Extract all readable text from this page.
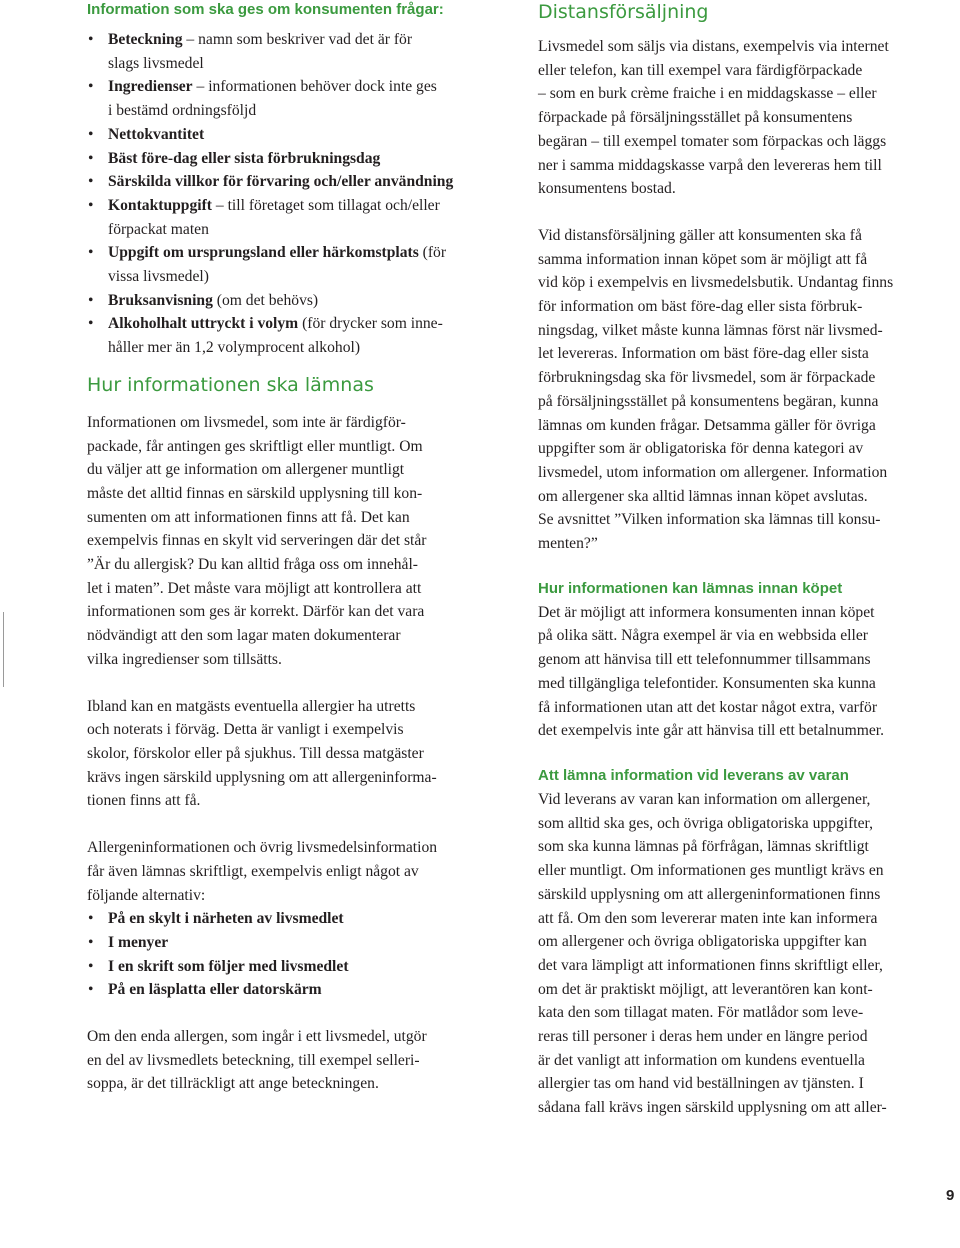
Information som ska ges om konsumenten frågar:
• Beteckning – namn som beskriver vad det är för
slags livsmedel
• Ingredienser – informationen behöver dock inte ges
i bestämd ordningsföljd
• Nettokvantitet
• Bäst före-dag eller sista förbrukningsdag
• Särskilda villkor för förvaring och/eller användning
• Kontaktuppgift – till företaget som tillagat och/eller
förpackat maten
• Uppgift om ursprungsland eller härkomstplats (för
vissa livsmedel)
• Bruksanvisning (om det behövs)
• Alkoholhalt uttryckt i volym (för drycker som inne-
håller mer än 1,2 volymprocent alkohol)
Hur informationen ska lämnas
Informationen om livsmedel, som inte är färdigför-
packade, får antingen ges skriftligt eller muntligt. Om
du väljer att ge information om allergener muntligt
måste det alltid finnas en särskild upplysning till kon-
sumenten om att informationen finns att få. Det kan
exempelvis finnas en skylt vid serveringen där det står
”Är du allergisk? Du kan alltid fråga oss om innehål-
let i maten”. Det måste vara möjligt att kontrollera att
informationen som ges är korrekt. Därför kan det vara
nödvändigt att den som lagar maten dokumenterar
vilka ingredienser som tillsätts.
Ibland kan en matgästs eventuella allergier ha utretts
och noterats i förväg. Detta är vanligt i exempelvis
skolor, förskolor eller på sjukhus. Till dessa matgäster
krävs ingen särskild upplysning om att allergeninforma-
tionen finns att få.
Allergeninformationen och övrig livsmedelsinformation
får även lämnas skriftligt, exempelvis enligt något av
följande alternativ:
• På en skylt i närheten av livsmedlet
• I menyer
• I en skrift som följer med livsmedlet
• På en läsplatta eller datorskärm
Om den enda allergen, som ingår i ett livsmedel, utgör
en del av livsmedlets beteckning, till exempel selleri-
soppa, är det tillräckligt att ange beteckningen.
Distansförsäljning
Livsmedel som säljs via distans, exempelvis via internet
eller telefon, kan till exempel vara färdigförpackade
– som en burk crème fraiche i en middagskasse – eller
förpackade på försäljningsstället på konsumentens
begäran – till exempel tomater som förpackas och läggs
ner i samma middagskasse varpå den levereras hem till
konsumentens bostad.
Vid distansförsäljning gäller att konsumenten ska få
samma information innan köpet som är möjligt att få
vid köp i exempelvis en livsmedelsbutik. Undantag finns
för information om bäst före-dag eller sista förbruk-
ningsdag, vilket måste kunna lämnas först när livsmed-
let levereras. Information om bäst före-dag eller sista
förbrukningsdag ska för livsmedel, som är förpackade
på försäljningsstället på konsumentens begäran, kunna
lämnas om kunden frågar. Detsamma gäller för övriga
uppgifter som är obligatoriska för denna kategori av
livsmedel, utom information om allergener. Information
om allergener ska alltid lämnas innan köpet avslutas.
Se avsnittet ”Vilken information ska lämnas till konsu-
menten?”
Hur informationen kan lämnas innan köpet
Det är möjligt att informera konsumenten innan köpet
på olika sätt. Några exempel är via en webbsida eller
genom att hänvisa till ett telefonnummer tillsammans
med tillgängliga telefontider. Konsumenten ska kunna
få informationen utan att det kostar något extra, varför
det exempelvis inte går att hänvisa till ett betalnummer.
Att lämna information vid leverans av varan
Vid leverans av varan kan information om allergener,
som alltid ska ges, och övriga obligatoriska uppgifter,
som ska kunna lämnas på förfrågan, lämnas skriftligt
eller muntligt. Om informationen ges muntligt krävs en
särskild upplysning om att allergeninformationen finns
att få. Om den som levererar maten inte kan informera
om allergener och övriga obligatoriska uppgifter kan
det vara lämpligt att informationen finns skriftligt eller,
om det är praktiskt möjligt, att leverantören kan kont-
kata den som tillagat maten. För matlådor som leve-
reras till personer i deras hem under en längre period
är det vanligt att information om kundens eventuella
allergier tas om hand vid beställningen av tjänsten. I
sådana fall krävs ingen särskild upplysning om att aller-
9
